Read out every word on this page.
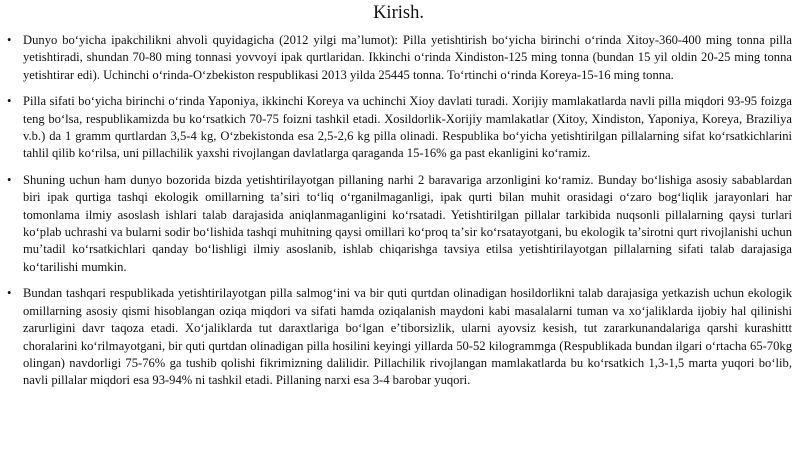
Kirish.
• Dunyo boʻyicha ipakchilikni ahvoli quyidagicha (2012 yilgi maʼlumot): Pilla yetishtirish boʻyicha birinchi oʻrinda Xitoy-360-400 ming tonna pilla yetishtiradi, shundan 70-80 ming tonnasi yovvoyi ipak qurtlaridan. Ikkinchi oʻrinda Xindiston-125 ming tonna (bundan 15 yil oldin 20-25 ming tonna yetishtirar edi). Uchinchi oʻrinda-Oʻzbekiston respublikasi 2013 yilda 25445 tonna. Toʻrtinchi oʻrinda Koreya-15-16 ming tonna.
• Pilla sifati boʻyicha birinchi oʻrinda Yaponiya, ikkinchi Koreya va uchinchi Xioy davlati turadi. Xorijiy mamlakatlarda navli pilla miqdori 93-95 foizga teng boʻlsa, respublikamizda bu koʻrsatkich 70-75 foizni tashkil etadi. Xosildorlik-Xorijiy mamlakatlar (Xitoy, Xindiston, Yaponiya, Koreya, Braziliya v.b.) da 1 gramm qurtlardan 3,5-4 kg, Oʻzbekistonda esa 2,5-2,6 kg pilla olinadi. Respublika boʻyicha yetishtirilgan pillalarning sifat koʻrsatkichlarini tahlil qilib koʻrilsa, uni pillachilik yaxshi rivojlangan davlatlarga qaraganda 15-16% ga past ekanligini koʻramiz.
• Shuning uchun ham dunyo bozorida bizda yetishtirilayotgan pillaning narhi 2 baravariga arzonligini koʻramiz. Bunday boʻlishiga asosiy sabablardan biri ipak qurtiga tashqi ekologik omillarning taʼsiri toʻliq oʻrganilmaganligi, ipak qurti bilan muhit orasidagi oʻzaro bogʻliqlik jarayonlari har tomonlama ilmiy asoslash ishlari talab darajasida aniqlanmaganligini koʻrsatadi. Yetishtirilgan pillalar tarkibida nuqsonli pillalarning qaysi turlari koʻplab uchrashi va bularni sodir boʻlishida tashqi muhitning qaysi omillari koʻproq taʼsir koʻrsatayotgani, bu ekologik taʼsirotni qurt rivojlanishi uchun muʼtadil koʻrsatkichlari qanday boʻlishligi ilmiy asoslanib, ishlab chiqarishga tavsiya etilsa yetishtirilayotgan pillalarning sifati talab darajasiga koʻtarilishi mumkin.
• Bundan tashqari respublikada yetishtirilayotgan pilla salmogʻini va bir quti qurtdan olinadigan hosildorlikni talab darajasiga yetkazish uchun ekologik omillarning asosiy qismi hisoblangan oziqa miqdori va sifati hamda oziqalanish maydoni kabi masalalarni tuman va xoʻjaliklarda ijobiy hal qilinishi zarurligini davr taqoza etadi. Xoʻjaliklarda tut daraxtlariga boʻlgan eʼtiborsizlik, ularni ayovsiz kesish, tut zararkunandalariga qarshi kurashittt choralarini koʻrilmayotgani, bir quti qurtdan olinadigan pilla hosilini keyingi yillarda 50-52 kilogrammga (Respublikada bundan ilgari oʻrtacha 65-70kg olingan) navdorligi 75-76% ga tushib qolishi fikrimizning dalilidir. Pillachilik rivojlangan mamlakatlarda bu koʻrsatkich 1,3-1,5 marta yuqori boʻlib, navli pillalar miqdori esa 93-94% ni tashkil etadi. Pillaning narxi esa 3-4 barobar yuqori.
